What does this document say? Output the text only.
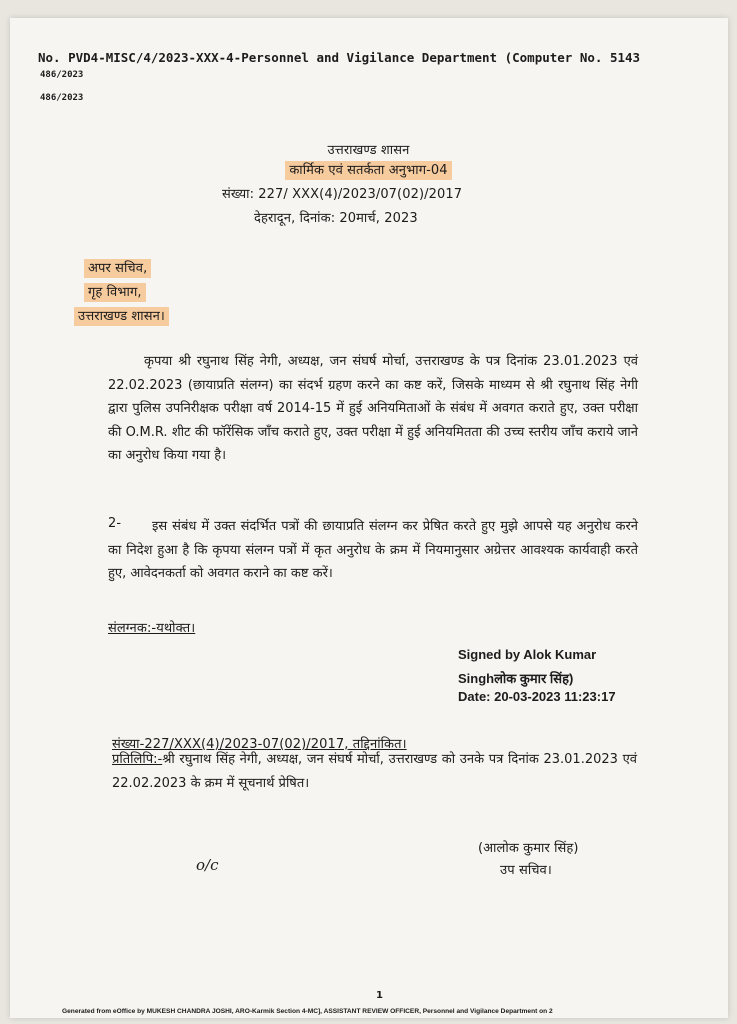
No. PVD4-MISC/4/2023-XXX-4-Personnel and Vigilance Department (Computer No. 5143
486/2023
486/2023
उत्तराखण्ड शासन
कार्मिक एवं सतर्कता अनुभाग-04
संख्या: 227/ XXX(4)/2023/07(02)/2017
देहरादून, दिनांक: 20मार्च, 2023
अपर सचिव,
गृह विभाग,
उत्तराखण्ड शासन।
कृपया श्री रघुनाथ सिंह नेगी, अध्यक्ष, जन संघर्ष मोर्चा, उत्तराखण्ड के पत्र दिनांक 23.01.2023 एवं 22.02.2023 (छायाप्रति संलग्न) का संदर्भ ग्रहण करने का कष्ट करें, जिसके माध्यम से श्री रघुनाथ सिंह नेगी द्वारा पुलिस उपनिरीक्षक परीक्षा वर्ष 2014-15 में हुई अनियमिताओं के संबंध में अवगत कराते हुए, उक्त परीक्षा की O.M.R. शीट की फॉरेंसिक जाँच कराते हुए, उक्त परीक्षा में हुई अनियमितता की उच्च स्तरीय जाँच कराये जाने का अनुरोध किया गया है।
2-	इस संबंध में उक्त संदर्भित पत्रों की छायाप्रति संलग्न कर प्रेषित करते हुए मुझे आपसे यह अनुरोध करने का निदेश हुआ है कि कृपया संलग्न पत्रों में कृत अनुरोध के क्रम में नियमानुसार अग्रेत्तर आवश्यक कार्यवाही करते हुए, आवेदनकर्ता को अवगत कराने का कष्ट करें।
संलग्नक:-यथोक्त।
Signed by Alok Kumar
Singhलोक कुमार सिंह)
Date: 20-03-2023 11:23:17
संख्या-227/XXX(4)/2023-07(02)/2017, तद्दिनांकित।
प्रतिलिपि:-श्री रघुनाथ सिंह नेगी, अध्यक्ष, जन संघर्ष मोर्चा, उत्तराखण्ड को उनके पत्र दिनांक 23.01.2023 एवं 22.02.2023 के क्रम में सूचनार्थ प्रेषित।
(आलोक कुमार सिंह)
उप सचिव।
o/c
1
Generated from eOffice by MUKESH CHANDRA JOSHI, ARO-Karmik Section 4-MC], ASSISTANT REVIEW OFFICER, Personnel and Vigilance Department on 2
